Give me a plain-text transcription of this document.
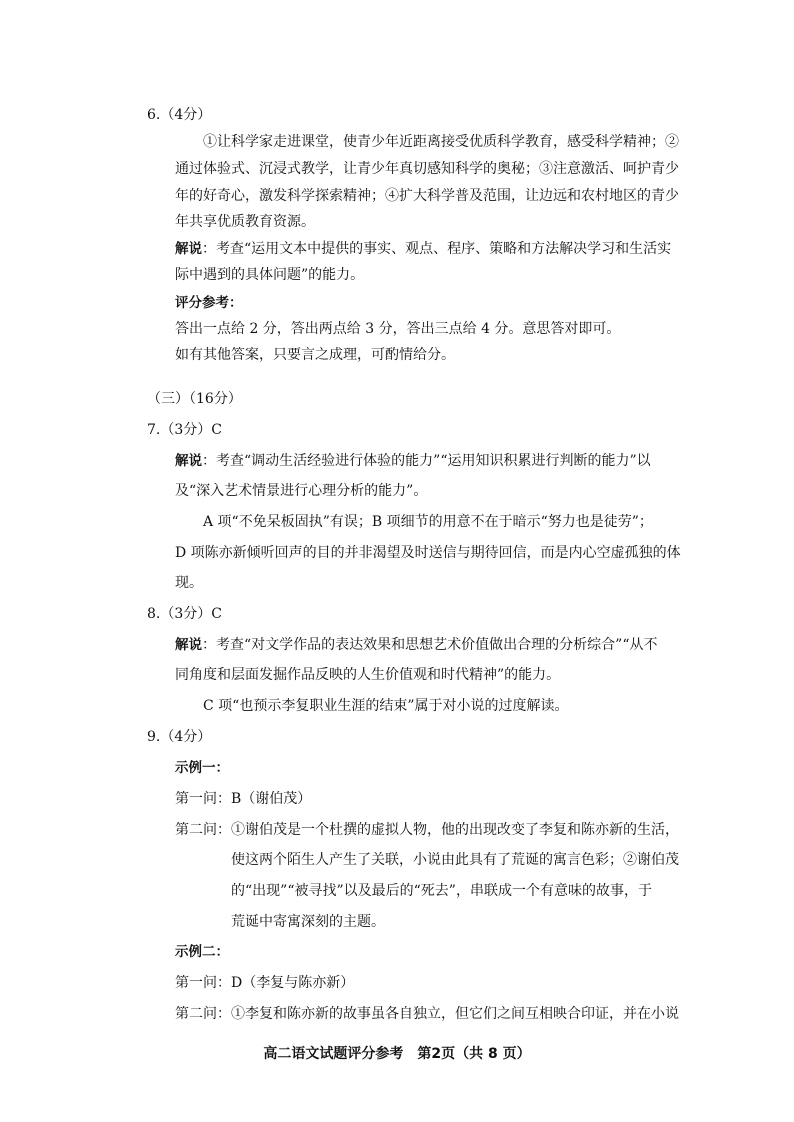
6.（4分）
①让科学家走进课堂，使青少年近距离接受优质科学教育，感受科学精神；②
通过体验式、沉浸式教学，让青少年真切感知科学的奥秘；③注意激活、呵护青少
年的好奇心，激发科学探索精神；④扩大科学普及范围，让边远和农村地区的青少
年共享优质教育资源。
解说：考查“运用文本中提供的事实、观点、程序、策略和方法解决学习和生活实
际中遇到的具体问题”的能力。
评分参考：
答出一点给 2 分，答出两点给 3 分，答出三点给 4 分。意思答对即可。
如有其他答案，只要言之成理，可酌情给分。
（三）（16分）
7.（3分）C
解说：考查“调动生活经验进行体验的能力”“运用知识积累进行判断的能力”以
及“深入艺术情景进行心理分析的能力”。
A 项“不免呆板固执”有误；B 项细节的用意不在于暗示“努力也是徒劳”；
D 项陈亦新倾听回声的目的并非渴望及时送信与期待回信，而是内心空虚孤独的体
现。
8.（3分）C
解说：考查“对文学作品的表达效果和思想艺术价值做出合理的分析综合”“从不
同角度和层面发掘作品反映的人生价值观和时代精神”的能力。
C 项“也预示李复职业生涯的结束”属于对小说的过度解读。
9.（4分）
示例一：
第一问：B（谢伯茂）
第二问： ①谢伯茂是一个杜撰的虚拟人物，他的出现改变了李复和陈亦新的生活，
使这两个陌生人产生了关联，小说由此具有了荒诞的寓言色彩；②谢伯茂
的“出现”“被寻找”以及最后的“死去”，串联成一个有意味的故事，于
荒诞中寄寓深刻的主题。
示例二：
第一问：D（李复与陈亦新）
第二问： ①李复和陈亦新的故事虽各自独立，但它们之间互相映合印证，并在小说
高二语文试题评分参考　第2页（共 8 页）
